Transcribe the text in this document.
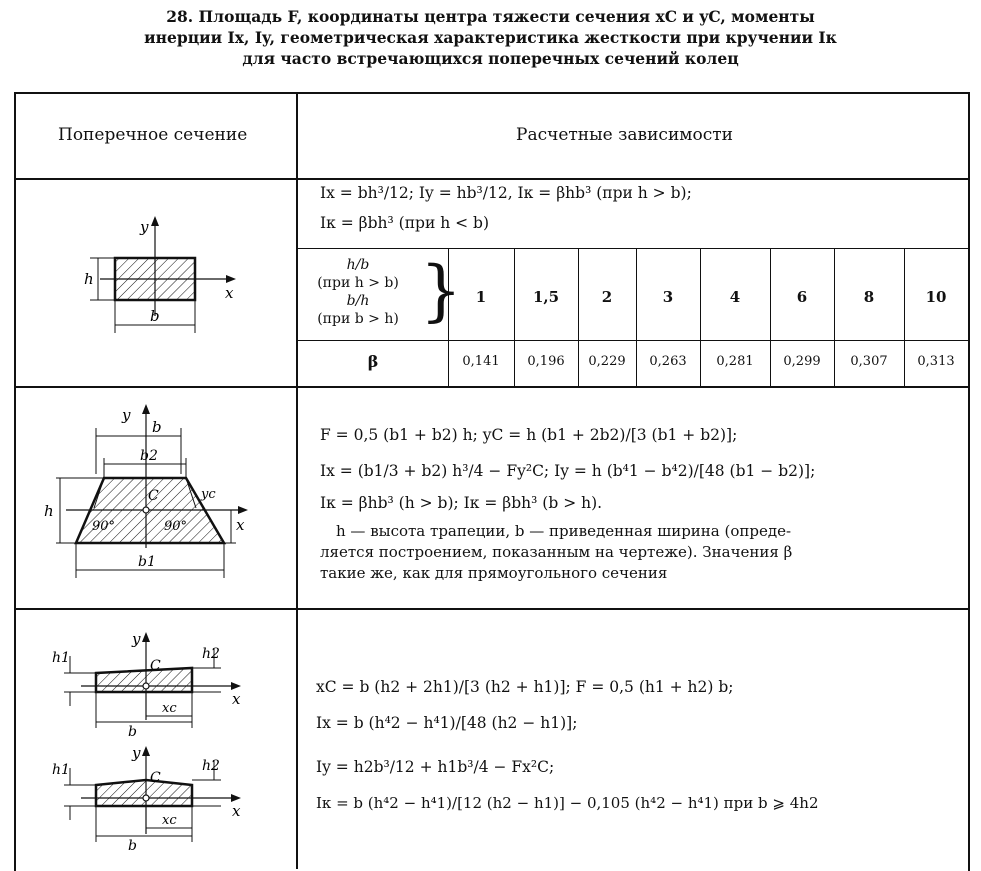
28. Площадь F, координаты центра тяжести сечения xC и yC, моменты
инерции Ix, Iy, геометрическая характеристика жесткости при кручении Iк
для часто встречающихся поперечных сечений колец
Поперечное сечение	Расчетные зависимости
y
x
h
b
Ix = bh³/12; Iy = hb³/12, Iк = βhb³ (при h > b);
Iк = βbh³ (при h < b)
h/b
(при h > b)
b/h
(при b > h) } 1	1,5	2	3	4	6	8	10
β	0,141	0,196	0,229	0,263	0,281	0,299	0,307	0,313
y
b
b2
C	yc
h
90°	90°	x
b1
F = 0,5 (b1 + b2) h; yC = h (b1 + 2b2)/[3 (b1 + b2)];
Ix = (b1/3 + b2) h³/4 − Fy²C; Iy = h (b⁴1 − b⁴2)/[48 (b1 − b2)];
Iк = βhb³ (h > b); Iк = βbh³ (b > h).
h — высота трапеции, b — приведенная ширина (опреде-
ляется построением, показанным на чертеже). Значения β
такие же, как для прямоугольного сечения
y
h1	h2
C
x
b
xc
y
h1	h2
C
x
b
xc
xC = b (h2 + 2h1)/[3 (h2 + h1)]; F = 0,5 (h1 + h2) b;
Ix = b (h⁴2 − h⁴1)/[48 (h2 − h1)];
Iy = h2b³/12 + h1b³/4 − Fx²C;
Iк = b (h⁴2 − h⁴1)/[12 (h2 − h1)] − 0,105 (h⁴2 − h⁴1) при b ⩾ 4h2
